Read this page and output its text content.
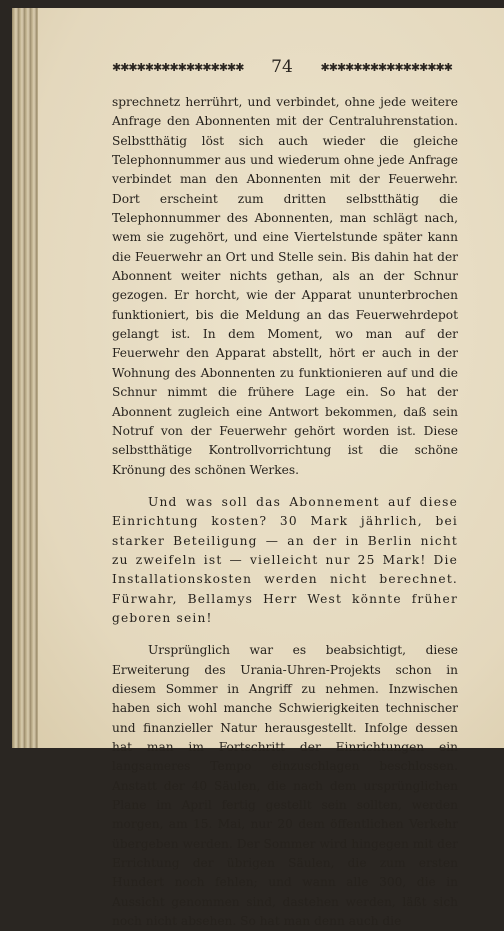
✱✱✱✱✱✱✱✱✱✱✱✱✱✱✱✱	74	✱✱✱✱✱✱✱✱✱✱✱✱✱✱✱✱

sprechnetz herrührt, und verbindet, ohne jede weitere Anfrage den Abonnenten mit der Centraluhrenstation. Selbstthätig löst sich auch wieder die gleiche Telephonnummer aus und wiederum ohne jede Anfrage verbindet man den Abonnenten mit der Feuerwehr. Dort erscheint zum dritten selbstthätig die Telephonnummer des Abonnenten, man schlägt nach, wem sie zugehört, und eine Viertelstunde später kann die Feuerwehr an Ort und Stelle sein. Bis dahin hat der Abonnent weiter nichts gethan, als an der Schnur gezogen. Er horcht, wie der Apparat ununterbrochen funktioniert, bis die Meldung an das Feuerwehrdepot gelangt ist. In dem Moment, wo man auf der Feuerwehr den Apparat abstellt, hört er auch in der Wohnung des Abonnenten zu funktionieren auf und die Schnur nimmt die frühere Lage ein. So hat der Abonnent zugleich eine Antwort bekommen, daß sein Notruf von der Feuerwehr gehört worden ist. Diese selbstthätige Kontrollvorrichtung ist die schöne Krönung des schönen Werkes.

Und was soll das Abonnement auf diese Einrichtung kosten? 30 Mark jährlich, bei starker Beteiligung — an der in Berlin nicht zu zweifeln ist — vielleicht nur 25 Mark! Die Installationskosten werden nicht berechnet. Fürwahr, Bellamys Herr West könnte früher geboren sein!

Ursprünglich war es beabsichtigt, diese Erweiterung des Urania-Uhren-Projekts schon in diesem Sommer in Angriff zu nehmen. Inzwischen haben sich wohl manche Schwierigkeiten technischer und finanzieller Natur herausgestellt. Infolge dessen hat man im Fortschritt der Einrichtungen ein langsameres Tempo einzuschlagen beschlossen. Anstatt der 40 Säulen, die nach dem ursprünglichen Plane im April fertig gestellt sein sollten, werden morgen, am 15. Mai, nur 20 dem öffentlichen Verkehr übergeben werden. Der Sommer wird hingegen mit der Errichtung der übrigen Säulen, die zum ersten Hundert noch fehlen; und wann alle 300, die in Aussicht genommen sind, dastehen werden, läßt sich noch nicht absehen. So hat man denn auch die
